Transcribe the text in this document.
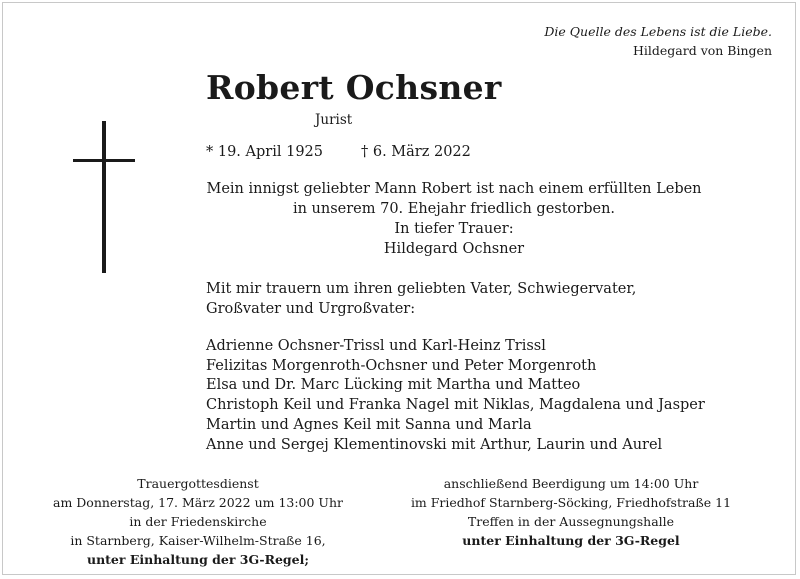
Die Quelle des Lebens ist die Liebe.
Hildegard von Bingen
Robert Ochsner
Jurist
* 19. April 1925	† 6. März 2022
Mein innigst geliebter Mann Robert ist nach einem erfüllten Leben
in unserem 70. Ehejahr friedlich gestorben.
In tiefer Trauer:
Hildegard Ochsner
Mit mir trauern um ihren geliebten Vater, Schwiegervater,
Großvater und Urgroßvater:
Adrienne Ochsner-Trissl und Karl-Heinz Trissl
Felizitas Morgenroth-Ochsner und Peter Morgenroth
Elsa und Dr. Marc Lücking mit Martha und Matteo
Christoph Keil und Franka Nagel mit Niklas, Magdalena und Jasper
Martin und Agnes Keil mit Sanna und Marla
Anne und Sergej Klementinovski mit Arthur, Laurin und Aurel
Trauergottesdienst
am Donnerstag, 17. März 2022 um 13:00 Uhr
in der Friedenskirche
in Starnberg, Kaiser-Wilhelm-Straße 16,
unter Einhaltung der 3G-Regel;
anschließend Beerdigung um 14:00 Uhr
im Friedhof Starnberg-Söcking, Friedhofstraße 11
Treffen in der Aussegnungshalle
unter Einhaltung der 3G-Regel
